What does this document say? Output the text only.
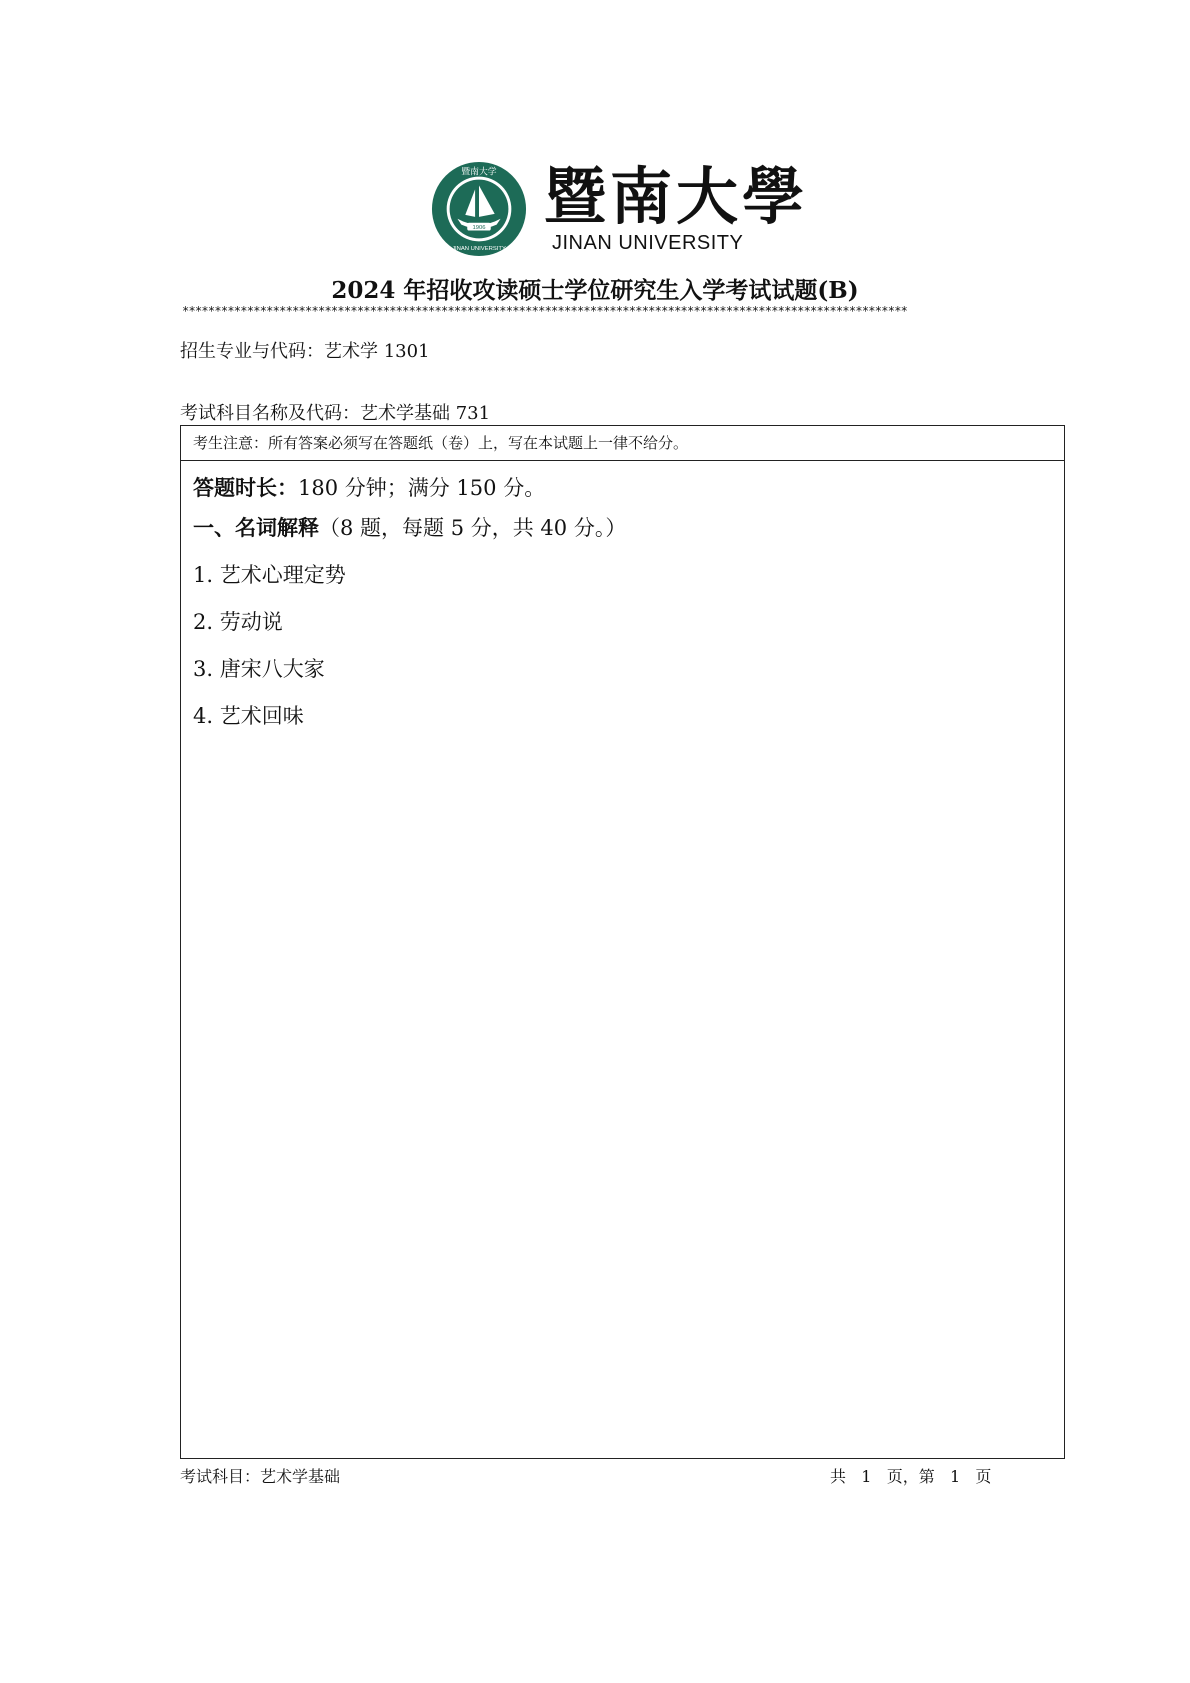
1906
暨南大学
JINAN UNIVERSITY
暨南大學
JINAN UNIVERSITY
2024 年招收攻读硕士学位研究生入学考试试题(B)
****************************************************************************************************************
招生专业与代码：艺术学 1301
考试科目名称及代码：艺术学基础 731
考生注意：所有答案必须写在答题纸（卷）上，写在本试题上一律不给分。
答题时长：180 分钟；满分 150 分。
一、名词解释（8 题，每题 5 分，共 40 分。）
1. 艺术心理定势
2. 劳动说
3. 唐宋八大家
4. 艺术回味
考试科目：艺术学基础	共   1   页，第   1   页
